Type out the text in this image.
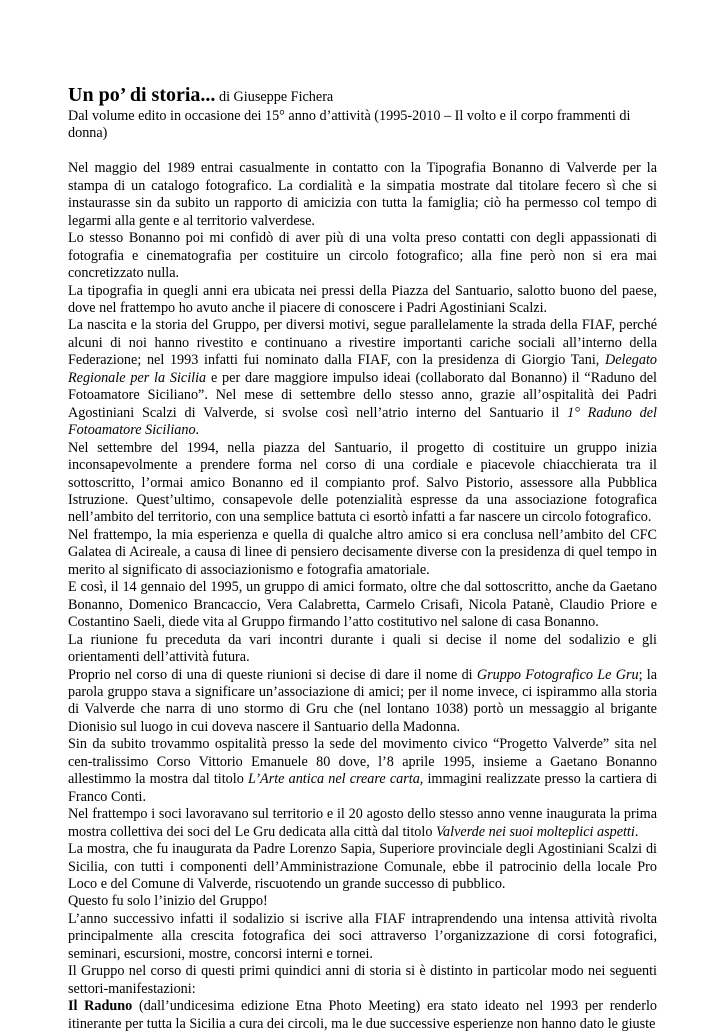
Un po’ di storia... di Giuseppe Fichera

Dal volume edito in occasione dei 15° anno d’attività (1995-2010 – Il volto e il corpo frammenti di donna)

Nel maggio del 1989 entrai casualmente in contatto con la Tipografia Bonanno di Valverde per la stampa di un catalogo fotografico. La cordialità e la simpatia mostrate dal titolare fecero sì che si instaurasse sin da subito un rapporto di amicizia con tutta la famiglia; ciò ha permesso col tempo di legarmi alla gente e al territorio valverdese.

Lo stesso Bonanno poi mi confidò di aver più di una volta preso contatti con degli appassionati di fotografia e cinematografia per costituire un circolo fotografico; alla fine però non si era mai concretizzato nulla.

La tipografia in quegli anni era ubicata nei pressi della Piazza del Santuario, salotto buono del paese, dove nel frattempo ho avuto anche il piacere di conoscere i Padri Agostiniani Scalzi.

La nascita e la storia del Gruppo, per diversi motivi, segue parallelamente la strada della FIAF, perché alcuni di noi hanno rivestito e continuano a rivestire importanti cariche sociali all’interno della Federazione; nel 1993 infatti fui nominato dalla FIAF, con la presidenza di Giorgio Tani, Delegato Regionale per la Sicilia e per dare maggiore impulso ideai (collaborato dal Bonanno) il “Raduno del Fotoamatore Siciliano”. Nel mese di settembre dello stesso anno, grazie all’ospitalità dei Padri Agostiniani Scalzi di Valverde, si svolse così nell’atrio interno del Santuario il 1° Raduno del Fotoamatore Siciliano.

Nel settembre del 1994, nella piazza del Santuario, il progetto di costituire un gruppo inizia inconsapevolmente a prendere forma nel corso di una cordiale e piacevole chiacchierata tra il sottoscritto, l’ormai amico Bonanno ed il compianto prof. Salvo Pistorio, assessore alla Pubblica Istruzione. Quest’ultimo, consapevole delle potenzialità espresse da una associazione fotografica nell’ambito del territorio, con una semplice battuta ci esortò infatti a far nascere un circolo fotografico.

Nel frattempo, la mia esperienza e quella di qualche altro amico si era conclusa nell’ambito del CFC Galatea di Acireale, a causa di linee di pensiero decisamente diverse con la presidenza di quel tempo in merito al significato di associazionismo e fotografia amatoriale.

E così, il 14 gennaio del 1995, un gruppo di amici formato, oltre che dal sottoscritto, anche da Gaetano Bonanno, Domenico Brancaccio, Vera Calabretta, Carmelo Crisafi, Nicola Patanè, Claudio Priore e Costantino Saeli, diede vita al Gruppo firmando l’atto costitutivo nel salone di casa Bonanno.

La riunione fu preceduta da vari incontri durante i quali si decise il nome del sodalizio e gli orientamenti dell’attività futura.

Proprio nel corso di una di queste riunioni si decise di dare il nome di Gruppo Fotografico Le Gru; la parola gruppo stava a significare un’associazione di amici; per il nome invece, ci ispirammo alla storia di Valverde che narra di uno stormo di Gru che (nel lontano 1038) portò un messaggio al brigante Dionisio sul luogo in cui doveva nascere il Santuario della Madonna.

Sin da subito trovammo ospitalità presso la sede del movimento civico “Progetto Valverde” sita nel cen-tralissimo Corso Vittorio Emanuele 80 dove, l’8 aprile 1995, insieme a Gaetano Bonanno allestimmo la mostra dal titolo L’Arte antica nel creare carta, immagini realizzate presso la cartiera di Franco Conti.

Nel frattempo i soci lavoravano sul territorio e il 20 agosto dello stesso anno venne inaugurata la prima mostra collettiva dei soci del Le Gru dedicata alla città dal titolo Valverde nei suoi molteplici aspetti.

La mostra, che fu inaugurata da Padre Lorenzo Sapia, Superiore provinciale degli Agostiniani Scalzi di Sicilia, con tutti i componenti dell’Amministrazione Comunale, ebbe il patrocinio della locale Pro Loco e del Comune di Valverde, riscuotendo un grande successo di pubblico.

Questo fu solo l’inizio del Gruppo!

L’anno successivo infatti il sodalizio si iscrive alla FIAF intraprendendo una intensa attività rivolta principalmente alla crescita fotografica dei soci attraverso l’organizzazione di corsi fotografici, seminari, escursioni, mostre, concorsi interni e tornei.

Il Gruppo nel corso di questi primi quindici anni di storia si è distinto in particolar modo nei seguenti settori-manifestazioni:

Il Raduno (dall’undicesima edizione Etna Photo Meeting) era stato ideato nel 1993 per renderlo itinerante per tutta la Sicilia a cura dei circoli, ma le due successive esperienze non hanno dato le giuste
